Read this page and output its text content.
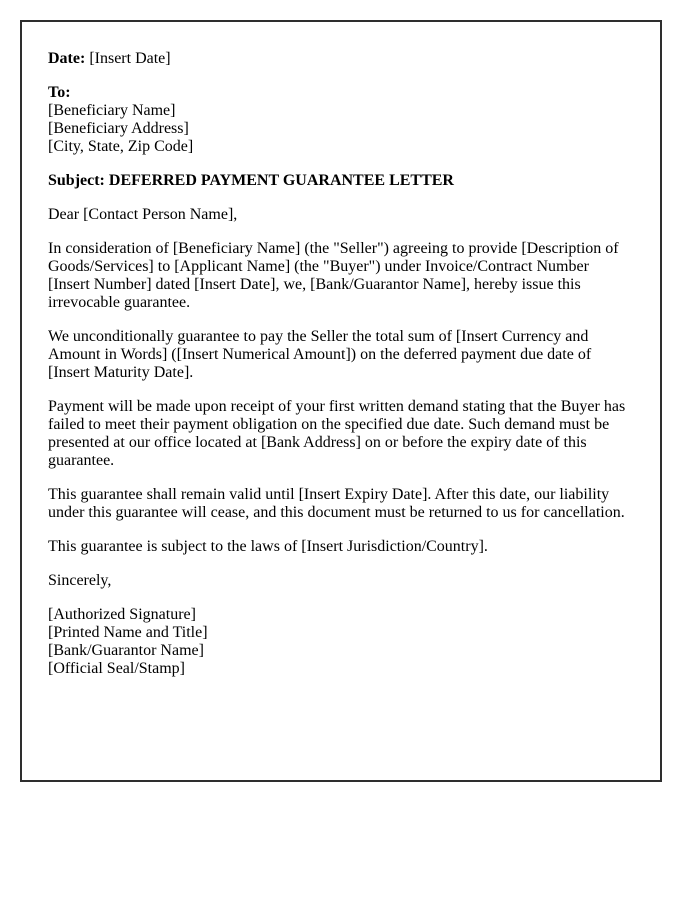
Date: [Insert Date]

To:
[Beneficiary Name]
[Beneficiary Address]
[City, State, Zip Code]

Subject: DEFERRED PAYMENT GUARANTEE LETTER

Dear [Contact Person Name],

In consideration of [Beneficiary Name] (the "Seller") agreeing to provide [Description of Goods/Services] to [Applicant Name] (the "Buyer") under Invoice/Contract Number [Insert Number] dated [Insert Date], we, [Bank/Guarantor Name], hereby issue this irrevocable guarantee.

We unconditionally guarantee to pay the Seller the total sum of [Insert Currency and Amount in Words] ([Insert Numerical Amount]) on the deferred payment due date of [Insert Maturity Date].

Payment will be made upon receipt of your first written demand stating that the Buyer has failed to meet their payment obligation on the specified due date. Such demand must be presented at our office located at [Bank Address] on or before the expiry date of this guarantee.

This guarantee shall remain valid until [Insert Expiry Date]. After this date, our liability under this guarantee will cease, and this document must be returned to us for cancellation.

This guarantee is subject to the laws of [Insert Jurisdiction/Country].

Sincerely,

[Authorized Signature]
[Printed Name and Title]
[Bank/Guarantor Name]
[Official Seal/Stamp]
